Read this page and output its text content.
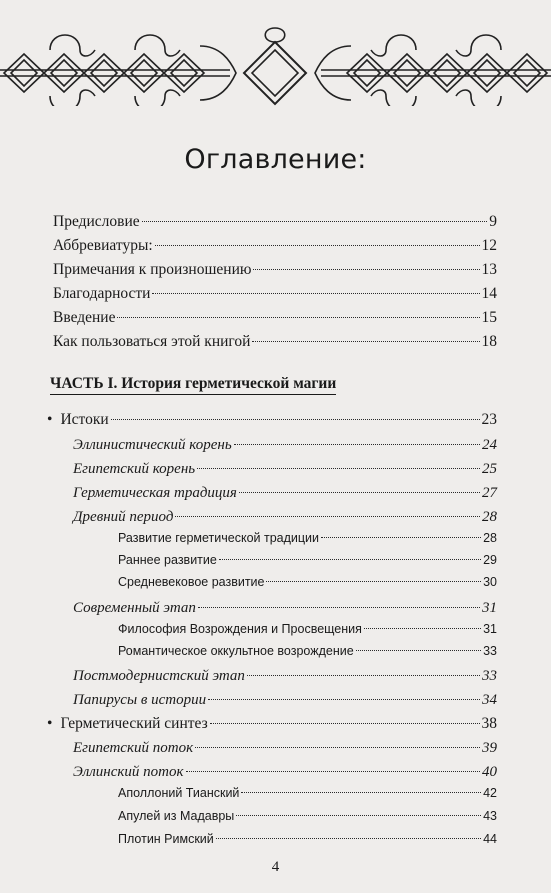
Оглавление:
Предисловие	9
Аббревиатуры:	12
Примечания к произношению	13
Благодарности	14
Введение	15
Как пользоваться этой книгой	18
ЧАСТЬ I. История герметической магии
• Истоки	23
Эллинистический корень	24
Египетский корень	25
Герметическая традиция	27
Древний период	28
Развитие герметической традиции	28
Раннее развитие	29
Средневековое развитие	30
Современный этап	31
Философия Возрождения и Просвещения	31
Романтическое оккультное возрождение	33
Постмодернистский этап	33
Папирусы в истории	34
• Герметический синтез	38
Египетский поток	39
Эллинский поток	40
Аполлоний Тианский	42
Апулей из Мадавры	43
Плотин Римский	44
4
